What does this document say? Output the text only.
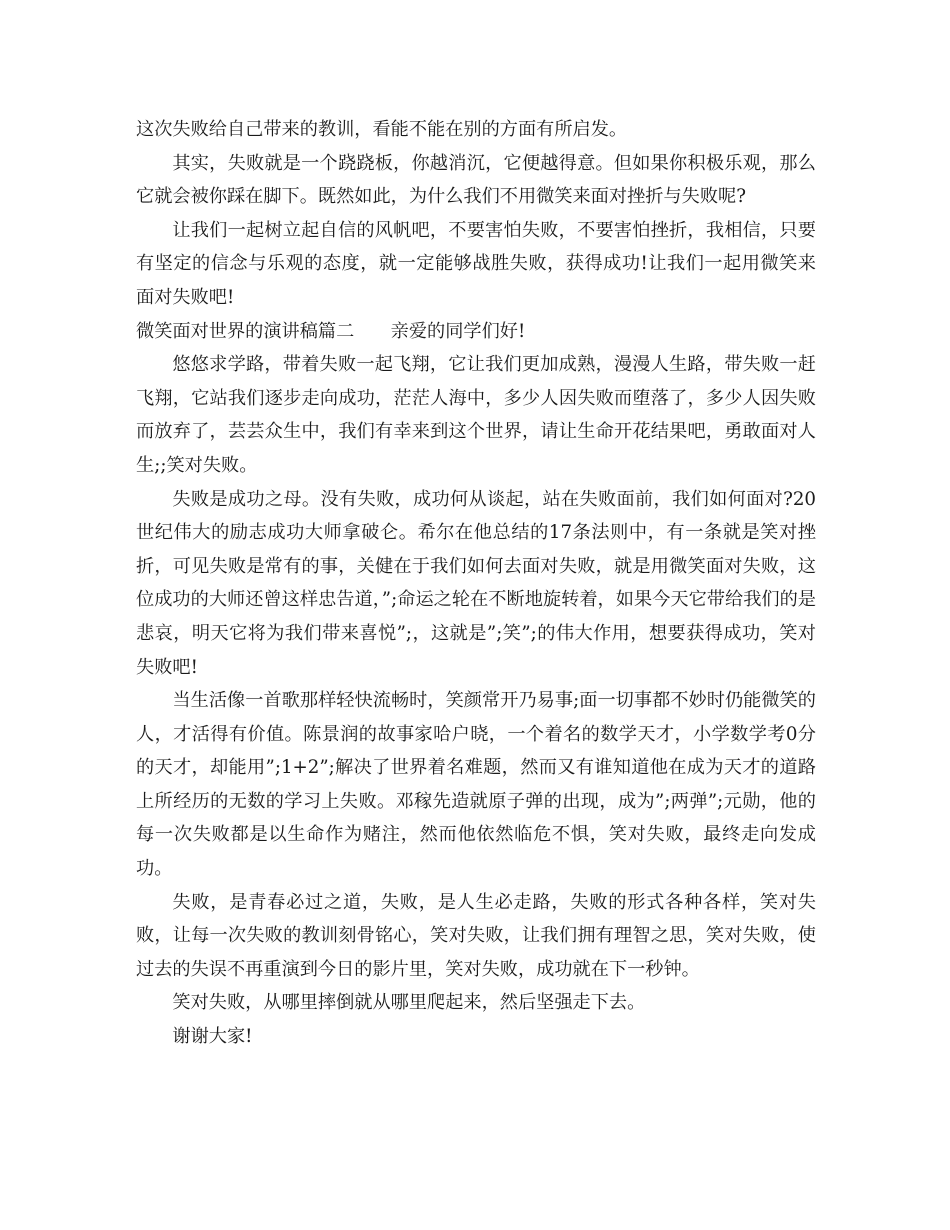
这次失败给自己带来的教训，看能不能在别的方面有所启发。

其实，失败就是一个跷跷板，你越消沉，它便越得意。但如果你积极乐观，那么它就会被你踩在脚下。既然如此，为什么我们不用微笑来面对挫折与失败呢?

让我们一起树立起自信的风帆吧，不要害怕失败，不要害怕挫折，我相信，只要有坚定的信念与乐观的态度，就一定能够战胜失败，获得成功!让我们一起用微笑来面对失败吧!

微笑面对世界的演讲稿篇二　　亲爱的同学们好!

悠悠求学路，带着失败一起飞翔，它让我们更加成熟，漫漫人生路，带失败一赶飞翔，它站我们逐步走向成功，茫茫人海中，多少人因失败而堕落了，多少人因失败而放弃了，芸芸众生中，我们有幸来到这个世界，请让生命开花结果吧，勇敢面对人生;;笑对失败。

失败是成功之母。没有失败，成功何从谈起，站在失败面前，我们如何面对?20世纪伟大的励志成功大师拿破仑。希尔在他总结的17条法则中，有一条就是笑对挫折，可见失败是常有的事，关健在于我们如何去面对失败，就是用微笑面对失败，这位成功的大师还曾这样忠告道，”;命运之轮在不断地旋转着，如果今天它带给我们的是悲哀，明天它将为我们带来喜悦”;，这就是”;笑”;的伟大作用，想要获得成功，笑对失败吧!

当生活像一首歌那样轻快流畅时，笑颜常开乃易事;面一切事都不妙时仍能微笑的人，才活得有价值。陈景润的故事家哈户晓，一个着名的数学天才，小学数学考0分的天才，却能用”;1+2”;解决了世界着名难题，然而又有谁知道他在成为天才的道路上所经历的无数的学习上失败。邓稼先造就原子弹的出现，成为”;两弹”;元勋，他的每一次失败都是以生命作为赌注，然而他依然临危不惧，笑对失败，最终走向发成功。

失败，是青春必过之道，失败，是人生必走路，失败的形式各种各样，笑对失败，让每一次失败的教训刻骨铭心，笑对失败，让我们拥有理智之思，笑对失败，使过去的失误不再重演到今日的影片里，笑对失败，成功就在下一秒钟。

笑对失败，从哪里摔倒就从哪里爬起来，然后坚强走下去。

谢谢大家!
